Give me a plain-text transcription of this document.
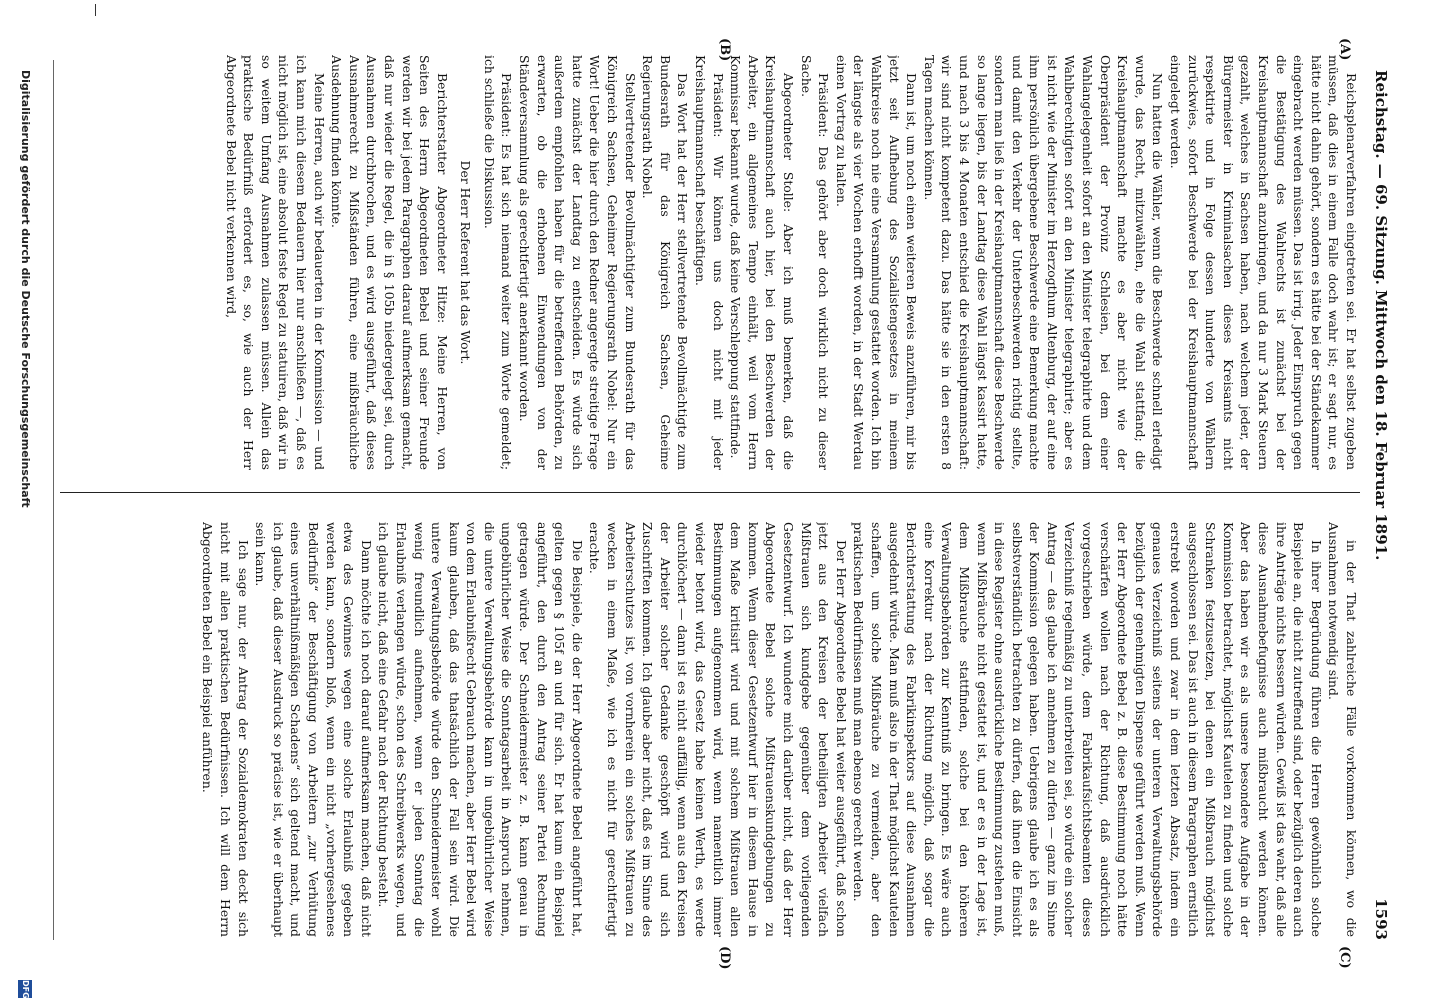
Reichstag. — 69. Sitzung. Mittwoch den 18. Februar 1891.
1593
(A)
(B)
(C)
(D)

Reichsplenarverfahren eingetreten sei. Er hat selbst zugeben müssen, daß dies in einem Falle doch wahr ist; er sagt nur, es hätte nicht dahin gehört, sondern es hätte bei der Ständekammer eingebracht werden müssen. Das ist irrig. Jeder Einspruch gegen die Bestätigung des Wahlrechts ist zunächst bei der Kreishauptmannschaft anzubringen, und da nur 3 Mark Steuern gezahlt, welches in Sachsen haben, nach welchem jeder, der Bürgermeister in Kriminalsachen dieses Kreisamts nicht respektirte und in Folge dessen hunderte von Wählern zurückwies, sofort Beschwerde bei der Kreishauptmannschaft eingelegt werden.

Nun hatten die Wähler, wenn die Beschwerde schnell erledigt wurde, das Recht, mitzuwählen, ehe die Wahl stattfand; die Kreishauptmannschaft machte es aber nicht wie der Oberpräsident der Provinz Schlesien, bei dem einer Wahlangelegenheit sofort an den Minister telegraphirte und dem Wahlberechtigten sofort an den Minister telegraphirte; aber es ist nicht wie der Minister im Herzogthum Altenburg, der auf eine ihm persönlich übergebene Beschwerde eine Bemerkung machte und damit den Verkehr der Unterbeschwerden richtig stellte, sondern man ließ in der Kreishauptmannschaft diese Beschwerde so lange liegen, bis der Landtag diese Wahl längst kassirt hatte, und nach 3 bis 4 Monaten entschied die Kreishauptmannschaft: wir sind nicht kompetent dazu. Das hätte sie in den ersten 8 Tagen machen können.

Dann ist, um noch einen weiteren Beweis anzuführen, mir bis jetzt seit Aufhebung des Sozialistengesetzes in meinem Wahlkreise noch nie eine Versammlung gestattet worden. Ich bin der längste als vier Wochen erhofft worden, in der Stadt Werdau einen Vortrag zu halten.

Präsident: Das gehört aber doch wirklich nicht zu dieser Sache.

Abgeordneter Stolle: Aber ich muß bemerken, daß die Kreishauptmannschaft auch hier, bei den Beschwerden der Arbeiter, ein allgemeines Tempo einhält, weil vom Herrn Kommissar bekannt wurde, daß keine Verschleppung stattfinde.

Präsident: Wir können uns doch nicht mit jeder Kreishauptmannschaft beschäftigen.

Das Wort hat der Herr stellvertretende Bevollmächtigte zum Bundesrath für das Königreich Sachsen, Geheime Regierungsrath Nobel.

Stellvertretender Bevollmächtigter zum Bundesrath für das Königreich Sachsen, Geheimer Regierungsrath Nobel: Nur ein Wort! Ueber die hier durch den Redner angeregte streitige Frage hatte zunächst der Landtag zu entscheiden. Es würde sich außerdem empfohlen haben für die betreffenden Behörden, zu erwarten, ob die erhobenen Einwendungen von der Ständeversammlung als gerechtfertigt anerkannt worden.

Präsident: Es hat sich niemand weiter zum Worte gemeldet; ich schließe die Diskussion.

Der Herr Referent hat das Wort.

Berichterstatter Abgeordneter Hitze: Meine Herren, von Seiten des Herrn Abgeordneten Bebel und seiner Freunde werden wir bei jedem Paragraphen darauf aufmerksam gemacht, daß nur wieder die Regel, die in § 105b niedergelegt sei, durch Ausnahmen durchbrochen, und es wird ausgeführt, daß dieses Ausnahmerecht zu Mißständen führen, eine mißbräuchliche Ausdehnung finden könnte.

Meine Herren, auch wir bedauerten in der Kommission — und ich kann mich diesem Bedauern hier nur anschließen —, daß es nicht möglich ist, eine absolut feste Regel zu statuiren, daß wir in so weitem Umfang Ausnahmen zulassen müssen. Allein das praktische Bedürfniß erfordert es, so, wie auch der Herr Abgeordnete Bebel nicht verkennen wird,

in der That zahlreiche Fälle vorkommen können, wo die Ausnahmen notwendig sind.

In ihrer Begründung führen die Herren gewöhnlich solche Beispiele an, die nicht zutreffend sind, oder bezüglich deren auch ihre Anträge nichts bessern würden. Gewiß ist das wahr, daß alle diese Ausnahmebefugnisse auch mißbraucht werden können. Aber das haben wir es als unsere besondere Aufgabe in der Kommission betrachtet, möglichst Kautelen zu finden und solche Schranken festzusetzen, bei denen ein Mißbrauch möglichst ausgeschlossen sei. Das ist auch in diesem Paragraphen ernstlich erstrebt worden und zwar in dem letzten Absatz, indem ein genaues Verzeichniß seitens der unteren Verwaltungsbehörde bezüglich der genehmigten Dispense geführt werden muß. Wenn der Herr Abgeordnete Bebel z. B. diese Bestimmung noch hätte verschärfen wollen nach der Richtung, daß ausdrücklich vorgeschrieben würde, dem Fabrikaufsichtsbeamten dieses Verzeichniß regelmäßig zu unterbreiten sei, so würde ein solcher Antrag — das glaube ich annehmen zu dürfen — ganz im Sinne der Kommission gelegen haben. Uebrigens glaube ich es als selbstverständlich betrachten zu dürfen, daß ihnen die Einsicht in diese Register ohne ausdrückliche Bestimmung zustehen muß, wenn Mißbräuche nicht gestattet ist, und er es in der Lage ist, dem Mißbrauche stattfinden, solche bei den höheren Verwaltungsbehörden zur Kenntniß zu bringen. Es wäre auch eine Korrektur nach der Richtung möglich, daß sogar die Berichterstattung des Fabrikinspektors auf diese Ausnahmen ausgedehnt würde. Man muß also in der That möglichst Kautelen schaffen, um solche Mißbräuche zu vermeiden, aber den praktischen Bedürfnissen muß man ebenso gerecht werden.

Der Herr Abgeordnete Bebel hat weiter ausgeführt, daß schon jetzt aus den Kreisen der betheiligten Arbeiter vielfach Mißtrauen sich kundgebe gegenüber dem vorliegenden Gesetzentwurf. Ich wundere mich darüber nicht, daß der Herr Abgeordnete Bebel solche Mißtrauenskundgebungen zu kommen. Wenn dieser Gesetzentwurf hier in diesem Hause in dem Maße kritisirt wird und mit solchem Mißtrauen allen Bestimmungen aufgenommen wird, wenn namentlich immer wieder betont wird, das Gesetz habe keinen Werth, es werde durchlöchert — dann ist es nicht auffällig, wenn aus den Kreisen der Arbeiter solcher Gedanke geschöpft wird und sich Zuschriften kommen. Ich glaube aber nicht, daß es im Sinne des Arbeiterschutzes ist, von vornherein ein solches Mißtrauen zu wecken in einem Maße, wie ich es nicht für gerechtfertigt erachte.

Die Beispiele, die der Herr Abgeordnete Bebel angeführt hat, gelten gegen § 105f an und für sich. Er hat kaum ein Beispiel angeführt, den durch den Antrag seiner Partei Rechnung getragen würde. Der Schneidermeister z. B. kann genau in ungebührlicher Weise die Sonntagsarbeit in Anspruch nehmen, die untere Verwaltungsbehörde kann in ungebührlicher Weise von dem Erlaubnißrecht Gebrauch machen, aber Herr Bebel wird kaum glauben, daß das thatsächlich der Fall sein wird. Die untere Verwaltungsbehörde würde den Schneidermeister wohl wenig freundlich aufnehmen, wenn er jeden Sonntag die Erlaubniß verlangen würde, schon des Schreibwerks wegen, und ich glaube nicht, daß eine Gefahr nach der Richtung besteht.

Dann möchte ich noch darauf aufmerksam machen, daß nicht etwa des Gewinnes wegen eine solche Erlaubniß gegeben werden kann, sondern bloß, wenn ein nicht „vorhergesehenes Bedürfniß“ der Beschäftigung von Arbeitern „zur Verhütung eines unverhältnißmäßigen Schadens“ sich geltend macht, und ich glaube, daß dieser Ausdruck so präcise ist, wie er überhaupt sein kann.

Ich sage nur, der Antrag der Sozialdemokraten deckt sich nicht mit allen praktischen Bedürfnissen. Ich will dem Herrn Abgeordneten Bebel ein Beispiel anführen.

Digitalisierung gefördert durch die Deutsche Forschungsgemeinschaft
DFG
